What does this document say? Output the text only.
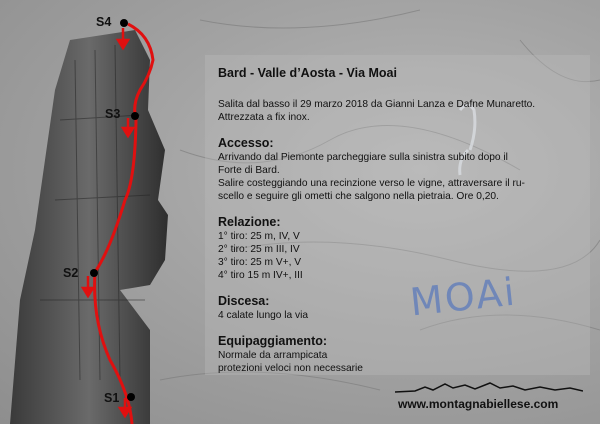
S4
S3
S2
S1
MOAi
Bard - Valle d’Aosta - Via Moai

Salita dal basso il 29 marzo 2018 da Gianni Lanza e Dafne Munaretto.

Attrezzata a fix inox.

Accesso:

Arrivando dal Piemonte parcheggiare sulla sinistra subito dopo il

Forte di Bard.

Salire costeggiando una recinzione verso le vigne, attraversare il ru-

scello e seguire gli ometti che salgono nella pietraia. Ore 0,20.

Relazione:

1° tiro: 25 m, IV, V

2° tiro: 25 m III, IV

3° tiro: 25 m V+, V

4° tiro 15 m IV+, III

Discesa:

4 calate lungo la via

Equipaggiamento:

Normale da arrampicata

protezioni veloci non necessarie

www.montagnabiellese.com
